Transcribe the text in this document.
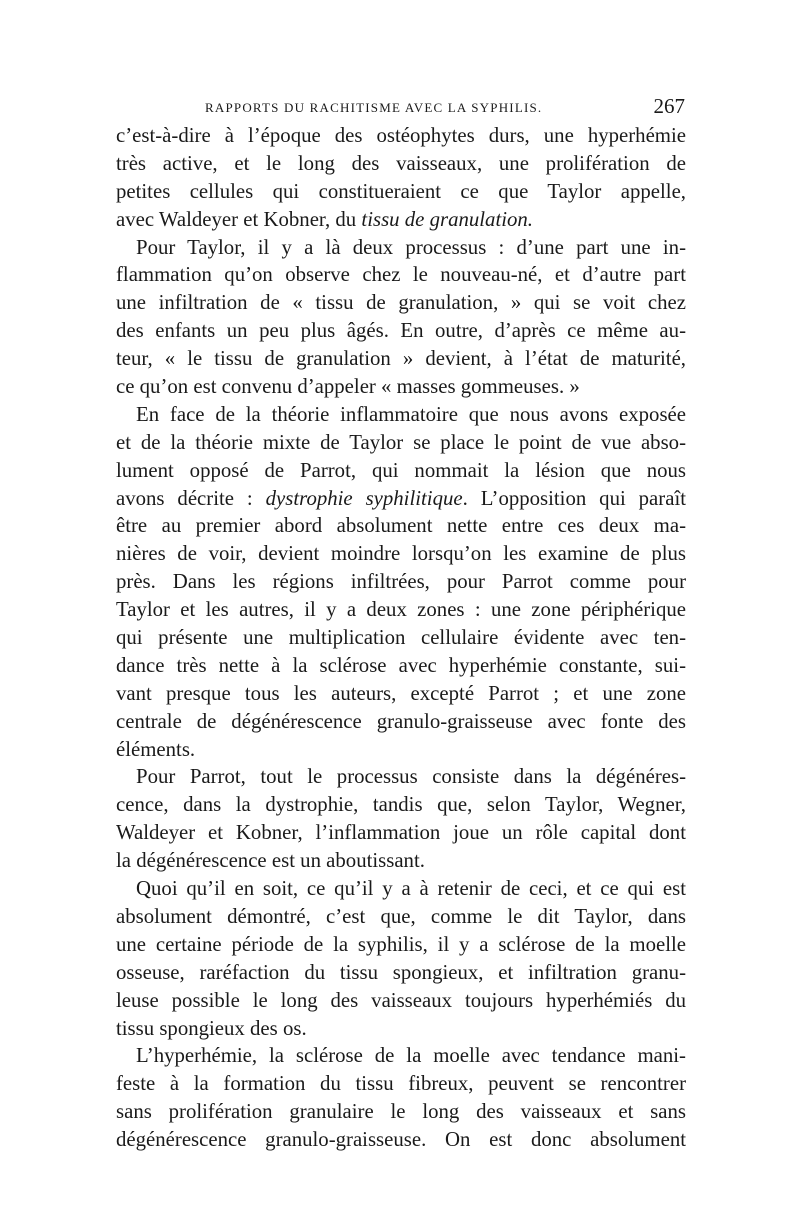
RAPPORTS DU RACHITISME AVEC LA SYPHILIS.	267
c’est-à-dire à l’époque des ostéophytes durs, une hyperhémie
très active, et le long des vaisseaux, une prolifération de
petites cellules qui constitueraient ce que Taylor appelle,
avec Waldeyer et Kobner, du tissu de granulation.
Pour Taylor, il y a là deux processus : d’une part une in-
flammation qu’on observe chez le nouveau-né, et d’autre part
une infiltration de « tissu de granulation, » qui se voit chez
des enfants un peu plus âgés. En outre, d’après ce même au-
teur, « le tissu de granulation » devient, à l’état de maturité,
ce qu’on est convenu d’appeler « masses gommeuses. »
En face de la théorie inflammatoire que nous avons exposée
et de la théorie mixte de Taylor se place le point de vue abso-
lument opposé de Parrot, qui nommait la lésion que nous
avons décrite : dystrophie syphilitique. L’opposition qui paraît
être au premier abord absolument nette entre ces deux ma-
nières de voir, devient moindre lorsqu’on les examine de plus
près. Dans les régions infiltrées, pour Parrot comme pour
Taylor et les autres, il y a deux zones : une zone périphérique
qui présente une multiplication cellulaire évidente avec ten-
dance très nette à la sclérose avec hyperhémie constante, sui-
vant presque tous les auteurs, excepté Parrot ; et une zone
centrale de dégénérescence granulo-graisseuse avec fonte des
éléments.
Pour Parrot, tout le processus consiste dans la dégénéres-
cence, dans la dystrophie, tandis que, selon Taylor, Wegner,
Waldeyer et Kobner, l’inflammation joue un rôle capital dont
la dégénérescence est un aboutissant.
Quoi qu’il en soit, ce qu’il y a à retenir de ceci, et ce qui est
absolument démontré, c’est que, comme le dit Taylor, dans
une certaine période de la syphilis, il y a sclérose de la moelle
osseuse, raréfaction du tissu spongieux, et infiltration granu-
leuse possible le long des vaisseaux toujours hyperhémiés du
tissu spongieux des os.
L’hyperhémie, la sclérose de la moelle avec tendance mani-
feste à la formation du tissu fibreux, peuvent se rencontrer
sans prolifération granulaire le long des vaisseaux et sans
dégénérescence granulo-graisseuse. On est donc absolument
